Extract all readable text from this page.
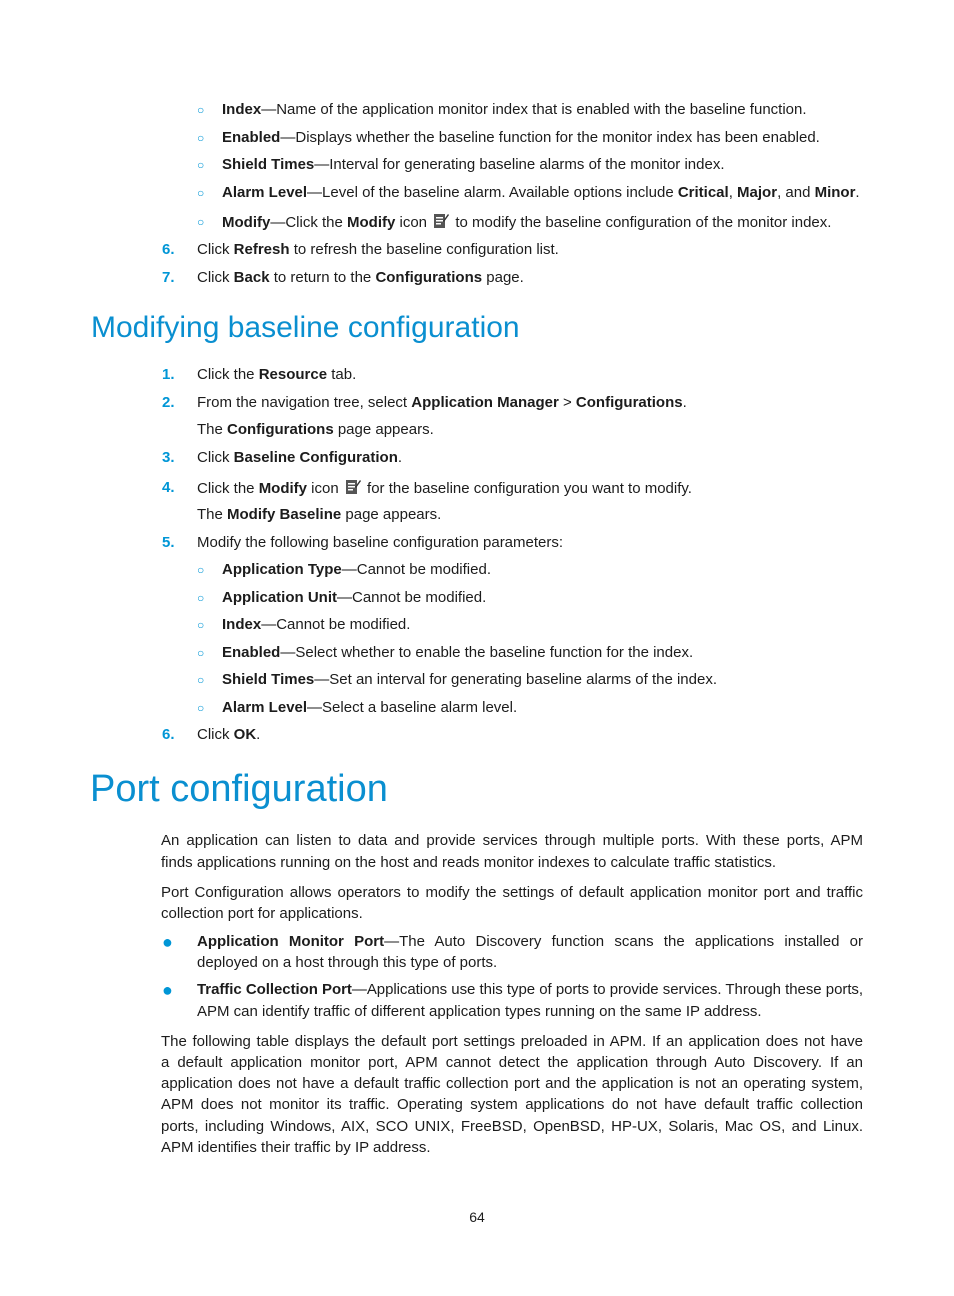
○ Index—Name of the application monitor index that is enabled with the baseline function.
○ Enabled—Displays whether the baseline function for the monitor index has been enabled.
○ Shield Times—Interval for generating baseline alarms of the monitor index.
○ Alarm Level—Level of the baseline alarm. Available options include Critical, Major, and Minor.
○ Modify—Click the Modify icon  to modify the baseline configuration of the monitor index.
6. Click Refresh to refresh the baseline configuration list.
7. Click Back to return to the Configurations page.
1. Click the Resource tab.
2. From the navigation tree, select Application Manager > Configurations.
The Configurations page appears.
3. Click Baseline Configuration.
4. Click the Modify icon  for the baseline configuration you want to modify.
The Modify Baseline page appears.
5. Modify the following baseline configuration parameters:
○ Application Type—Cannot be modified.
○ Application Unit—Cannot be modified.
○ Index—Cannot be modified.
○ Enabled—Select whether to enable the baseline function for the index.
○ Shield Times—Set an interval for generating baseline alarms of the index.
○ Alarm Level—Select a baseline alarm level.
6. Click OK.
An application can listen to data and provide services through multiple ports. With these ports, APM
finds applications running on the host and reads monitor indexes to calculate traffic statistics.
Port Configuration allows operators to modify the settings of default application monitor port and traffic
collection port for applications.
● Application Monitor Port—The Auto Discovery function scans the applications installed or
deployed on a host through this type of ports.
● Traffic Collection Port—Applications use this type of ports to provide services. Through these ports,
APM can identify traffic of different application types running on the same IP address.
The following table displays the default port settings preloaded in APM. If an application does not have
a default application monitor port, APM cannot detect the application through Auto Discovery. If an
application does not have a default traffic collection port and the application is not an operating system,
APM does not monitor its traffic. Operating system applications do not have default traffic collection
ports, including Windows, AIX, SCO UNIX, FreeBSD, OpenBSD, HP-UX, Solaris, Mac OS, and Linux.
APM identifies their traffic by IP address.
Modifying baseline configuration
Port configuration
64
